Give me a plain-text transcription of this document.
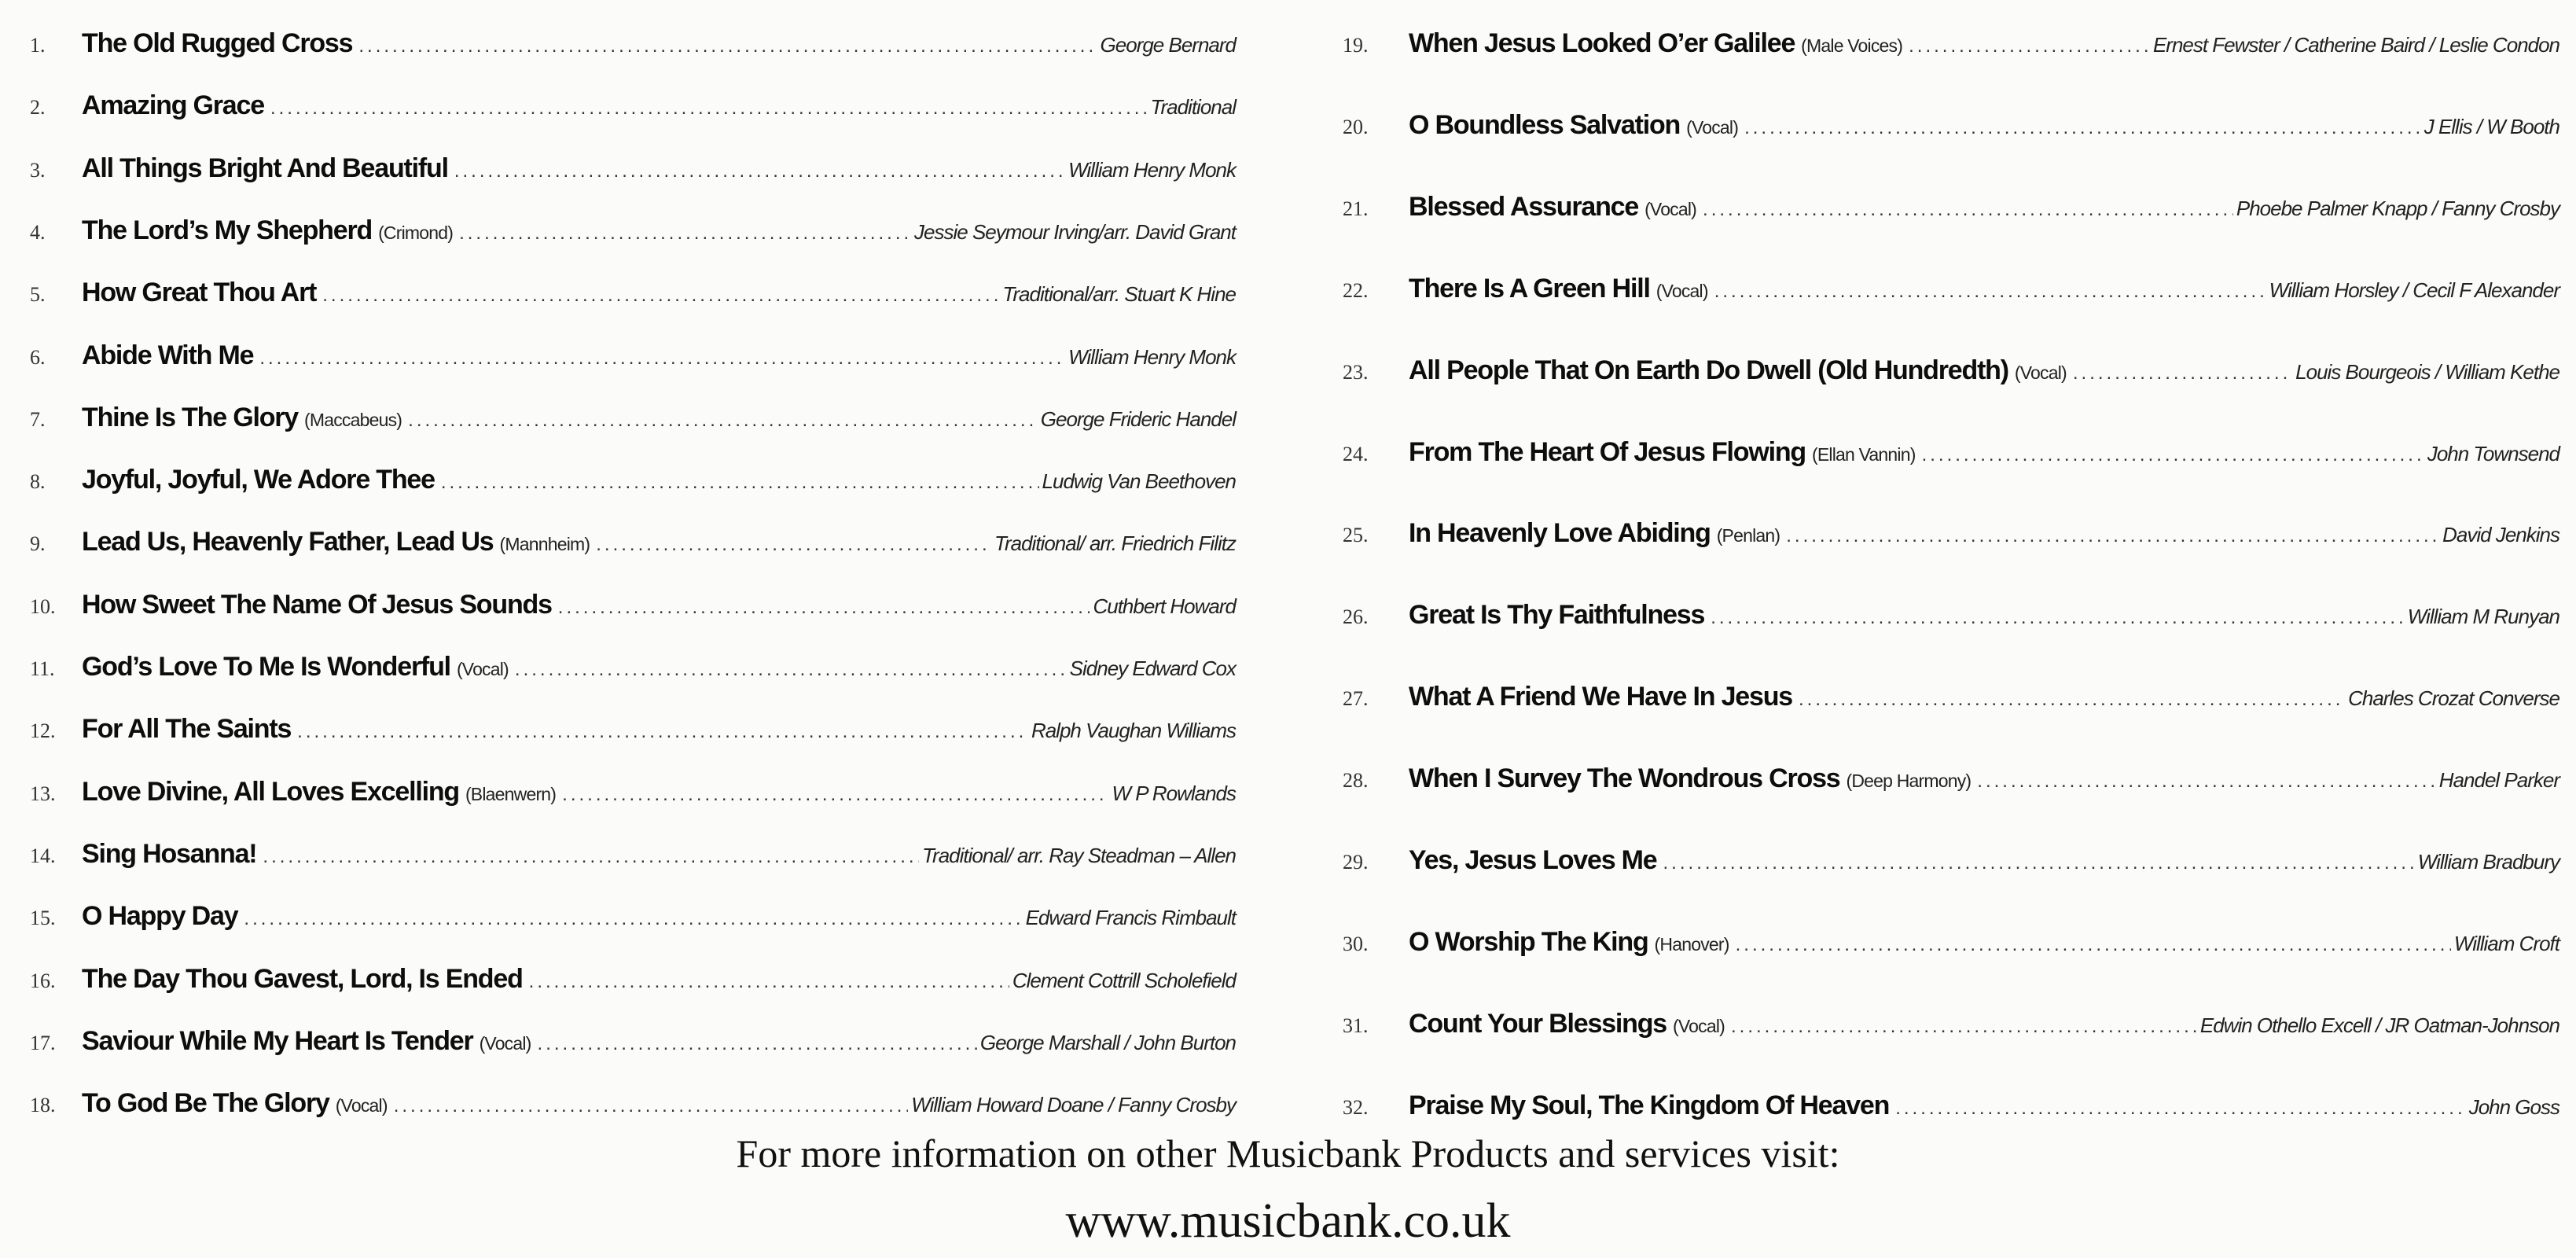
1.	The Old Rugged Cross .....	George Bernard
2.	Amazing Grace .....	Traditional
3.	All Things Bright And Beautiful .....	William Henry Monk
4.	The Lord’s My Shepherd (Crimond) .....	Jessie Seymour Irving/arr. David Grant
5.	How Great Thou Art .....	Traditional/arr. Stuart K Hine
6.	Abide With Me .....	William Henry Monk
7.	Thine Is The Glory (Maccabeus) .....	George Frideric Handel
8.	Joyful, Joyful, We Adore Thee .....	Ludwig Van Beethoven
9.	Lead Us, Heavenly Father, Lead Us (Mannheim) .....	Traditional/ arr. Friedrich Filitz
10. How Sweet The Name Of Jesus Sounds .....	Cuthbert Howard
11.	God’s Love To Me Is Wonderful (Vocal) .....	Sidney Edward Cox
12. For All The Saints .....	Ralph Vaughan Williams
13. Love Divine, All Loves Excelling (Blaenwern) .....	W P Rowlands
14. Sing Hosanna! .....	Traditional/ arr. Ray Steadman – Allen
15. O Happy Day .....	Edward Francis Rimbault
16. The Day Thou Gavest, Lord, Is Ended .....	Clement Cottrill Scholefield
17. Saviour While My Heart Is Tender (Vocal) .....	George Marshall / John Burton
18. To God Be The Glory (Vocal) .....	William Howard Doane / Fanny Crosby
19.	When Jesus Looked O’er Galilee (Male Voices) .....	Ernest Fewster / Catherine Baird / Leslie Condon
20.	O Boundless Salvation (Vocal) .....	J Ellis / W Booth
21.	Blessed Assurance (Vocal) .....	Phoebe Palmer Knapp / Fanny Crosby
22.	There Is A Green Hill (Vocal) .....	William Horsley / Cecil F Alexander
23.	All People That On Earth Do Dwell (Old Hundredth) (Vocal) .....	Louis Bourgeois / William Kethe
24.	From The Heart Of Jesus Flowing (Ellan Vannin) .....	John Townsend
25.	In Heavenly Love Abiding (Penlan) .....	David Jenkins
26.	Great Is Thy Faithfulness .....	William M Runyan
27.	What A Friend We Have In Jesus .....	Charles Crozat Converse
28.	When I Survey The Wondrous Cross (Deep Harmony) .....	Handel Parker
29.	Yes, Jesus Loves Me .....	William Bradbury
30.	O Worship The King (Hanover) .....	William Croft
31.	Count Your Blessings (Vocal) .....	Edwin Othello Excell / JR Oatman-Johnson
32.	Praise My Soul, The Kingdom Of Heaven .....	John Goss
For more information on other Musicbank Products and services visit:
www.musicbank.co.uk
